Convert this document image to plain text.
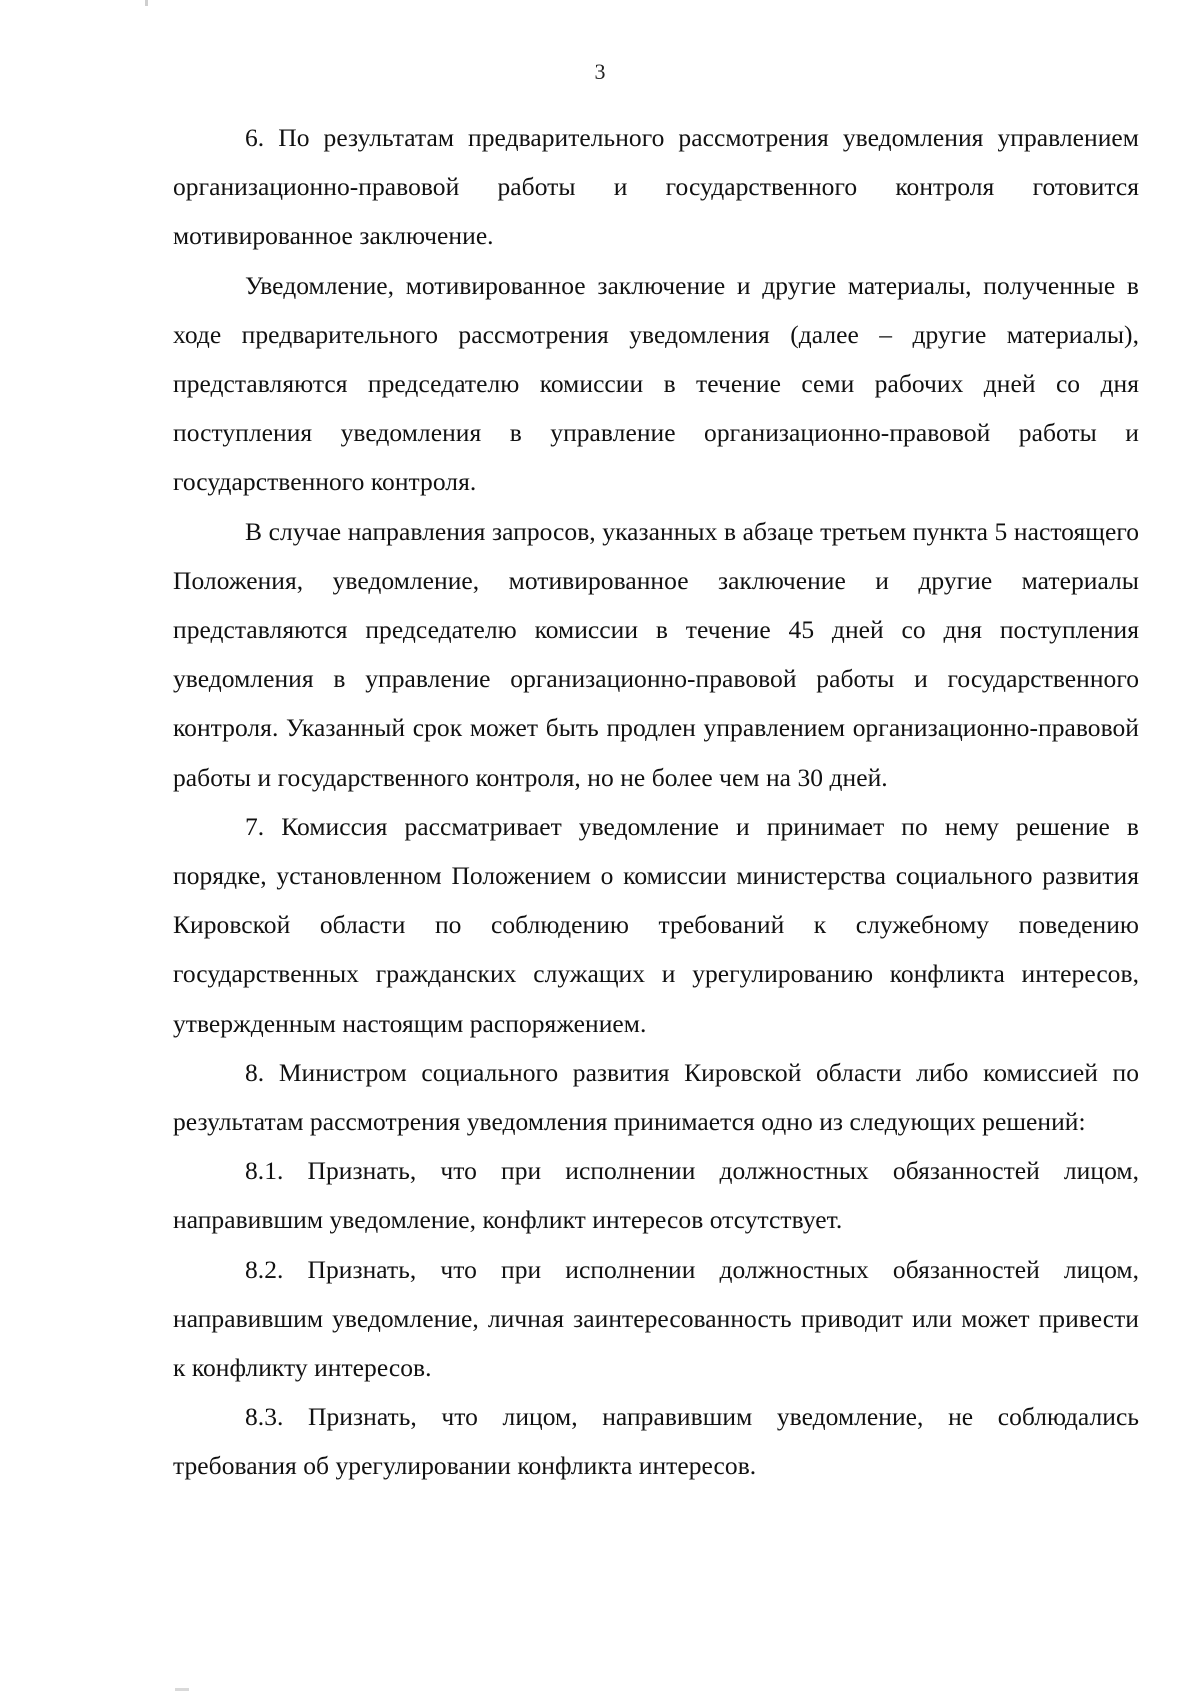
3

6. По результатам предварительного рассмотрения уведомления управлением организационно-правовой работы и государственного контроля готовится мотивированное заключение.

Уведомление, мотивированное заключение и другие материалы, полученные в ходе предварительного рассмотрения уведомления (далее – другие материалы), представляются председателю комиссии в течение семи рабочих дней со дня поступления уведомления в управление организационно-правовой работы и государственного контроля.

В случае направления запросов, указанных в абзаце третьем пункта 5 настоящего Положения, уведомление, мотивированное заключение и другие материалы представляются председателю комиссии в течение 45 дней со дня поступления уведомления в управление организационно-правовой работы и государственного контроля. Указанный срок может быть продлен управлением организационно-правовой работы и государственного контроля, но не более чем на 30 дней.

7. Комиссия рассматривает уведомление и принимает по нему решение в порядке, установленном Положением о комиссии министерства социального развития Кировской области по соблюдению требований к служебному поведению государственных гражданских служащих и урегулированию конфликта интересов, утвержденным настоящим распоряжением.

8. Министром социального развития Кировской области либо комиссией по результатам рассмотрения уведомления принимается одно из следующих решений:

8.1. Признать, что при исполнении должностных обязанностей лицом, направившим уведомление, конфликт интересов отсутствует.

8.2. Признать, что при исполнении должностных обязанностей лицом, направившим уведомление, личная заинтересованность приводит или может привести к конфликту интересов.

8.3. Признать, что лицом, направившим уведомление, не соблюдались требования об урегулировании конфликта интересов.
